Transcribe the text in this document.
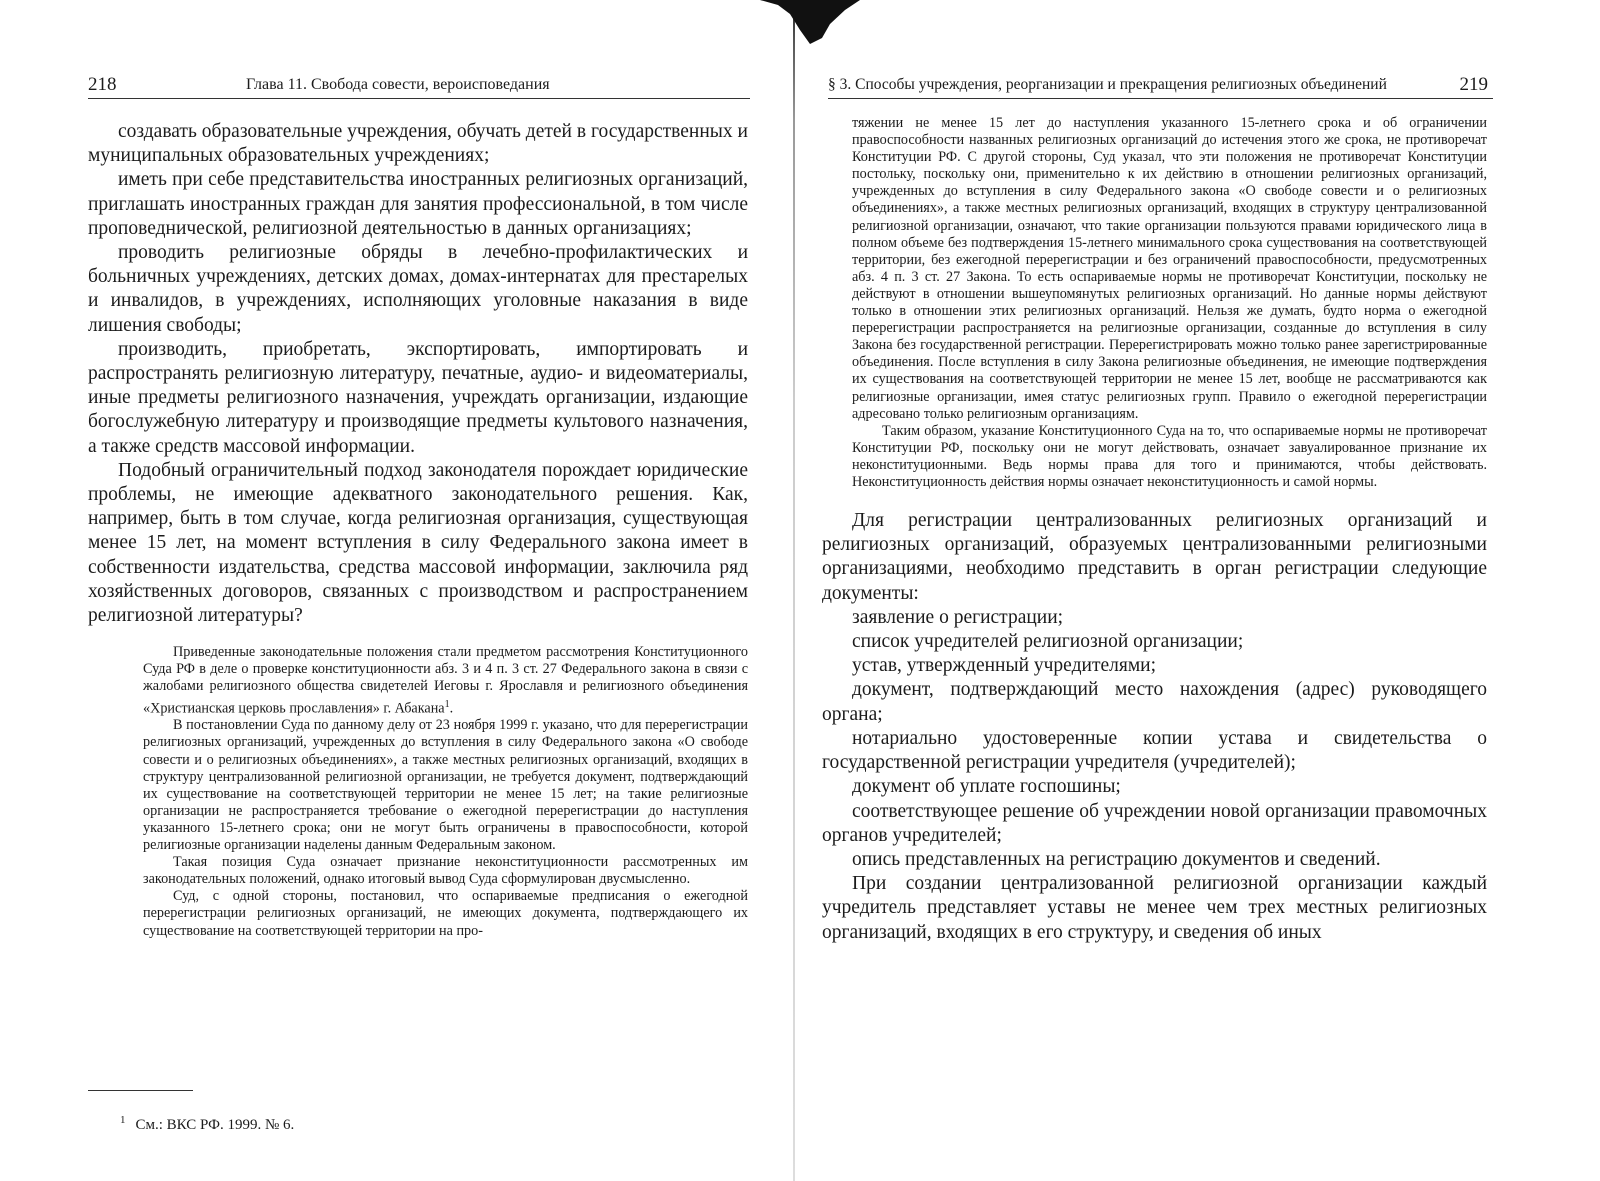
218	Глава 11. Свобода совести, вероисповедания

создавать образовательные учреждения, обучать детей в государственных и муниципальных образовательных учреждениях;

иметь при себе представительства иностранных религиозных организаций, приглашать иностранных граждан для занятия профессиональной, в том числе проповеднической, религиозной деятельностью в данных организациях;

проводить религиозные обряды в лечебно-профилактических и больничных учреждениях, детских домах, домах-интернатах для престарелых и инвалидов, в учреждениях, исполняющих уголовные наказания в виде лишения свободы;

производить, приобретать, экспортировать, импортировать и распространять религиозную литературу, печатные, аудио- и видеоматериалы, иные предметы религиозного назначения, учреждать организации, издающие богослужебную литературу и производящие предметы культового назначения, а также средств массовой информации.

Подобный ограничительный подход законодателя порождает юридические проблемы, не имеющие адекватного законодательного решения. Как, например, быть в том случае, когда религиозная организация, существующая менее 15 лет, на момент вступления в силу Федерального закона имеет в собственности издательства, средства массовой информации, заключила ряд хозяйственных договоров, связанных с производством и распространением религиозной литературы?

Приведенные законодательные положения стали предметом рассмотрения Конституционного Суда РФ в деле о проверке конституционности абз. 3 и 4 п. 3 ст. 27 Федерального закона в связи с жалобами религиозного общества свидетелей Иеговы г. Ярославля и религиозного объединения «Христианская церковь прославления» г. Абакана$^1$.

В постановлении Суда по данному делу от 23 ноября 1999 г. указано, что для перерегистрации религиозных организаций, учрежденных до вступления в силу Федерального закона «О свободе совести и о религиозных объединениях», а также местных религиозных организаций, входящих в структуру централизованной религиозной организации, не требуется документ, подтверждающий их существование на соответствующей территории не менее 15 лет; на такие религиозные организации не распространяется требование о ежегодной перерегистрации до наступления указанного 15-летнего срока; они не могут быть ограничены в правоспособности, которой религиозные организации наделены данным Федеральным законом.

Такая позиция Суда означает признание неконституционности рассмотренных им законодательных положений, однако итоговый вывод Суда сформулирован двусмысленно.

Суд, с одной стороны, постановил, что оспариваемые предписания о ежегодной перерегистрации религиозных организаций, не имеющих документа, подтверждающего их существование на соответствующей территории на про-

$^1$ См.: ВКС РФ. 1999. № 6.
§ 3. Способы учреждения, реорганизации и прекращения религиозных объединений	219

тяжении не менее 15 лет до наступления указанного 15-летнего срока и об ограничении правоспособности названных религиозных организаций до истечения этого же срока, не противоречат Конституции РФ. С другой стороны, Суд указал, что эти положения не противоречат Конституции постольку, поскольку они, применительно к их действию в отношении религиозных организаций, учрежденных до вступления в силу Федерального закона «О свободе совести и о религиозных объединениях», а также местных религиозных организаций, входящих в структуру централизованной религиозной организации, означают, что такие организации пользуются правами юридического лица в полном объеме без подтверждения 15-летнего минимального срока существования на соответствующей территории, без ежегодной перерегистрации и без ограничений правоспособности, предусмотренных абз. 4 п. 3 ст. 27 Закона. То есть оспариваемые нормы не противоречат Конституции, поскольку не действуют в отношении вышеупомянутых религиозных организаций. Но данные нормы действуют только в отношении этих религиозных организаций. Нельзя же думать, будто норма о ежегодной перерегистрации распространяется на религиозные организации, созданные до вступления в силу Закона без государственной регистрации. Перерегистрировать можно только ранее зарегистрированные объединения. После вступления в силу Закона религиозные объединения, не имеющие подтверждения их существования на соответствующей территории не менее 15 лет, вообще не рассматриваются как религиозные организации, имея статус религиозных групп. Правило о ежегодной перерегистрации адресовано только религиозным организациям.

Таким образом, указание Конституционного Суда на то, что оспариваемые нормы не противоречат Конституции РФ, поскольку они не могут действовать, означает завуалированное признание их неконституционными. Ведь нормы права для того и принимаются, чтобы действовать. Неконституционность действия нормы означает неконституционность и самой нормы.

Для регистрации централизованных религиозных организаций и религиозных организаций, образуемых централизованными религиозными организациями, необходимо представить в орган регистрации следующие документы:

заявление о регистрации;

список учредителей религиозной организации;

устав, утвержденный учредителями;

документ, подтверждающий место нахождения (адрес) руководящего органа;

нотариально удостоверенные копии устава и свидетельства о государственной регистрации учредителя (учредителей);

документ об уплате госпошины;

соответствующее решение об учреждении новой организации правомочных органов учредителей;

опись представленных на регистрацию документов и сведений.

При создании централизованной религиозной организации каждый учредитель представляет уставы не менее чем трех местных религиозных организаций, входящих в его структуру, и сведения об иных
